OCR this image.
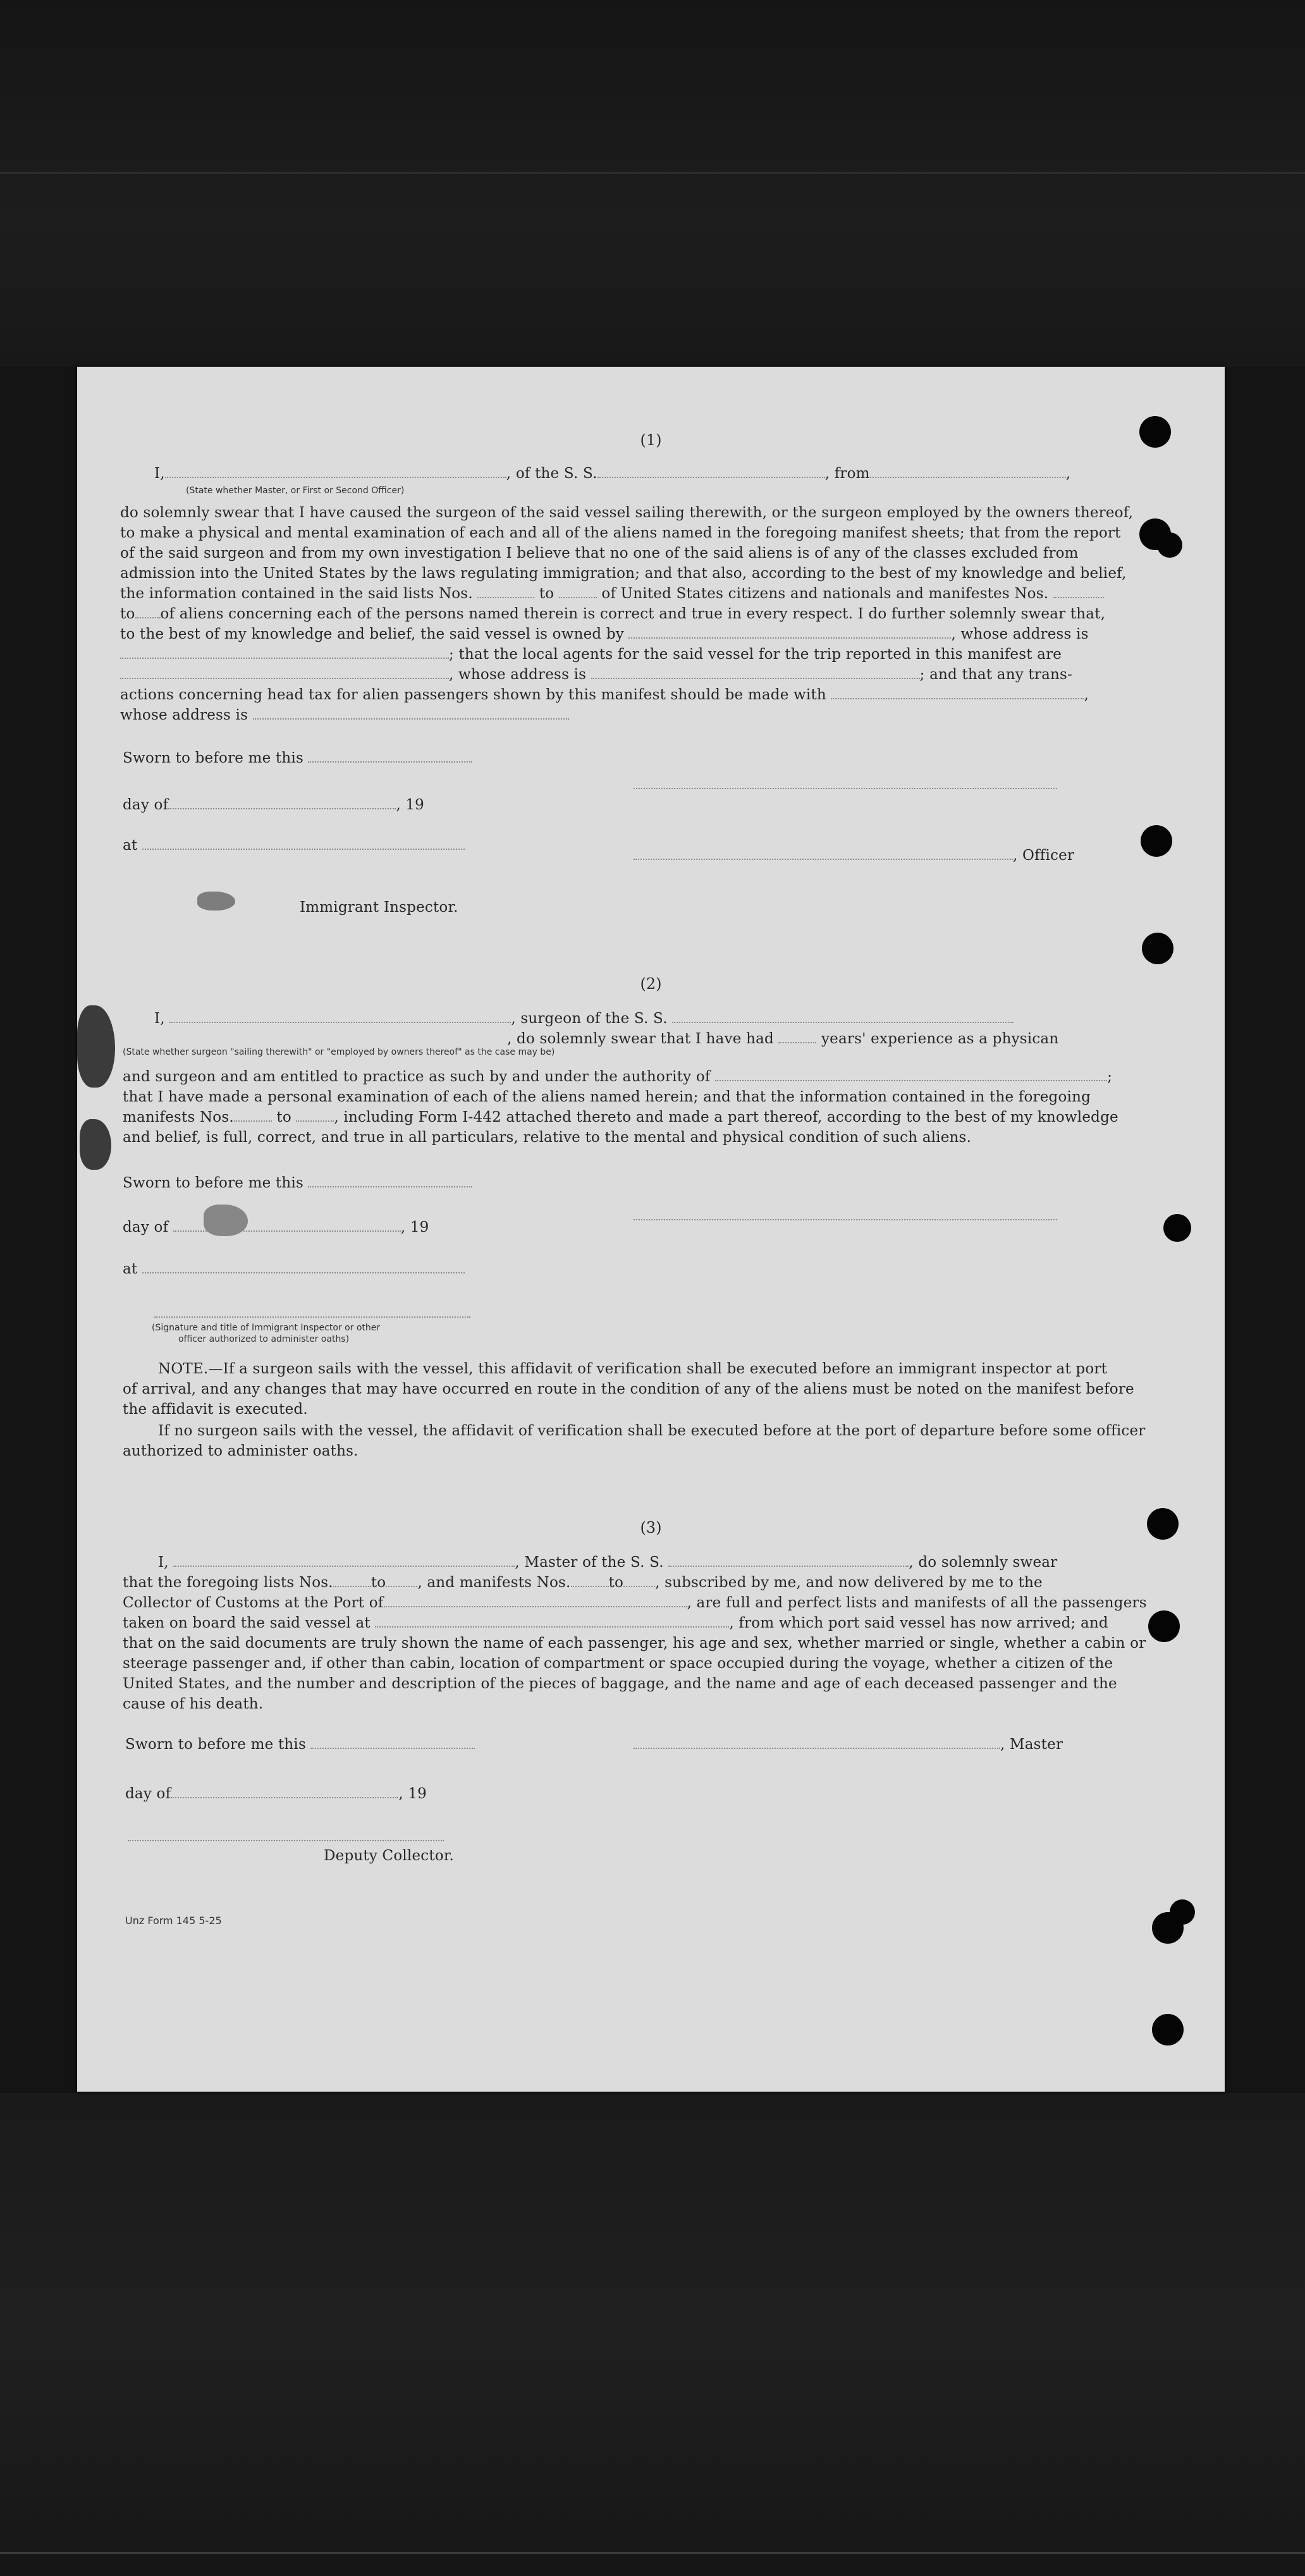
(1)
I,	, of the S. S.	, from	,
(State whether Master, or First or Second Officer)
do solemnly swear that I have caused the surgeon of the said vessel sailing therewith, or the surgeon employed by the owners thereof,
to make a physical and mental examination of each and all of the aliens named in the foregoing manifest sheets; that from the report
of the said surgeon and from my own investigation I believe that no one of the said aliens is of any of the classes excluded from
admission into the United States by the laws regulating immigration; and that also, according to the best of my knowledge and belief,
the information contained in the said lists Nos.	to	of United States citizens and nationals and manifestes Nos.
to of aliens concerning each of the persons named therein is correct and true in every respect. I do further solemnly swear that,
to the best of my knowledge and belief, the said vessel is owned by	, whose address is
; that the local agents for the said vessel for the trip reported in this manifest are
, whose address is	; and that any trans-
actions concerning head tax for alien passengers shown by this manifest should be made with	,
whose address is
Sworn to before me this
day of	, 19
at
, Officer
Immigrant Inspector.
(2)
I,	, surgeon of the S. S.
, do solemnly swear that I have had	years' experience as a physican
(State whether surgeon "sailing therewith" or "employed by owners thereof" as the case may be)
and surgeon and am entitled to practice as such by and under the authority of	;
that I have made a personal examination of each of the aliens named herein; and that the information contained in the foregoing
manifests Nos.	to	, including Form I-442 attached thereto and made a part thereof, according to the best of my knowledge
and belief, is full, correct, and true in all particulars, relative to the mental and physical condition of such aliens.
Sworn to before me this
day of	, 19
at
(Signature and title of Immigrant Inspector or other
officer authorized to administer oaths)
NOTE.—If a surgeon sails with the vessel, this affidavit of verification shall be executed before an immigrant inspector at port
of arrival, and any changes that may have occurred en route in the condition of any of the aliens must be noted on the manifest before
the affidavit is executed.
If no surgeon sails with the vessel, the affidavit of verification shall be executed before at the port of departure before some officer
authorized to administer oaths.
(3)
I,	, Master of the S. S.	, do solemnly swear
that the foregoing lists Nos.	to , and manifests Nos.	to , subscribed by me, and now delivered by me to the
Collector of Customs at the Port of	, are full and perfect lists and manifests of all the passengers
taken on board the said vessel at	, from which port said vessel has now arrived; and
that on the said documents are truly shown the name of each passenger, his age and sex, whether married or single, whether a cabin or
steerage passenger and, if other than cabin, location of compartment or space occupied during the voyage, whether a citizen of the
United States, and the number and description of the pieces of baggage, and the name and age of each deceased passenger and the
cause of his death.
Sworn to before me this	, Master
day of	, 19
Deputy Collector.
Unz Form 145 5-25
